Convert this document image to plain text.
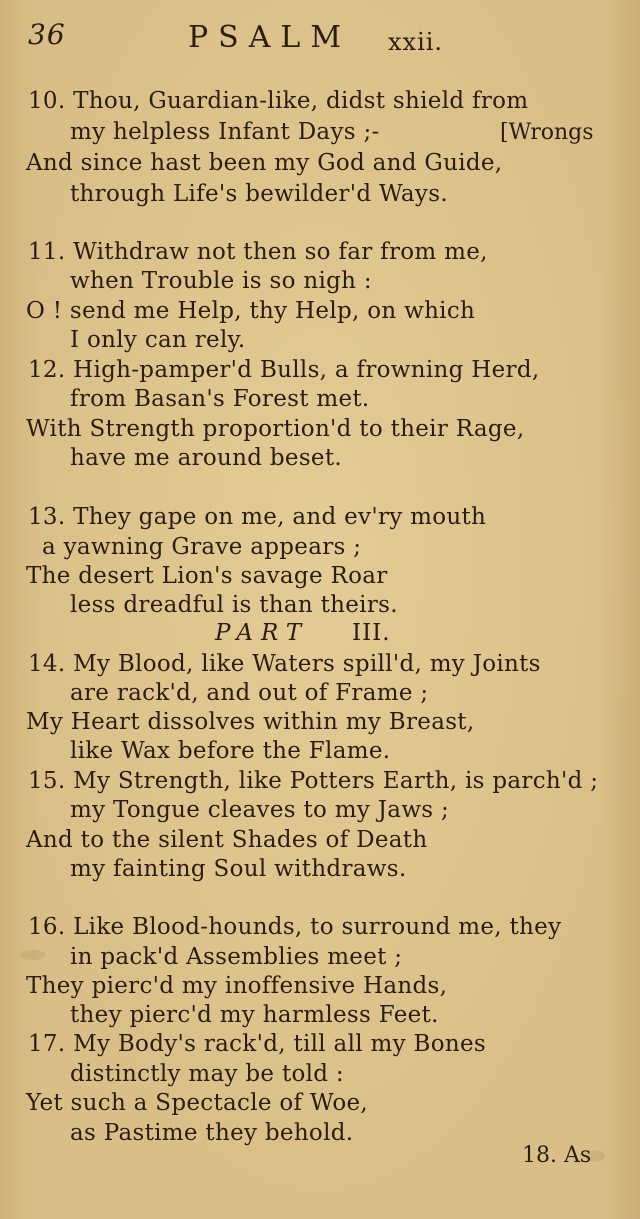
36	PSALM xxii.
10. Thou, Guardian-like, didst shield from
my helpless Infant Days ;-
And since hast been my God and Guide,
through Life's bewilder'd Ways.
11. Withdraw not then so far from me,
when Trouble is so nigh :
O ! send me Help, thy Help, on which
I only can rely.
12. High-pamper'd Bulls, a frowning Herd,
from Basan's Forest met.
With Strength proportion'd to their Rage,
have me around beset.
13. They gape on me, and ev'ry mouth
a yawning Grave appears ;
The desert Lion's savage Roar
less dreadful is than theirs.
14. My Blood, like Waters spill'd, my Joints
are rack'd, and out of Frame ;
My Heart dissolves within my Breast,
like Wax before the Flame.
15. My Strength, like Potters Earth, is parch'd ;
my Tongue cleaves to my Jaws ;
And to the silent Shades of Death
my fainting Soul withdraws.
16. Like Blood-hounds, to surround me, they
in pack'd Assemblies meet ;
They pierc'd my inoffensive Hands,
they pierc'd my harmless Feet.
17. My Body's rack'd, till all my Bones
distinctly may be told :
Yet such a Spectacle of Woe,
as Pastime they behold.
[Wrongs
PART III.
18. As
